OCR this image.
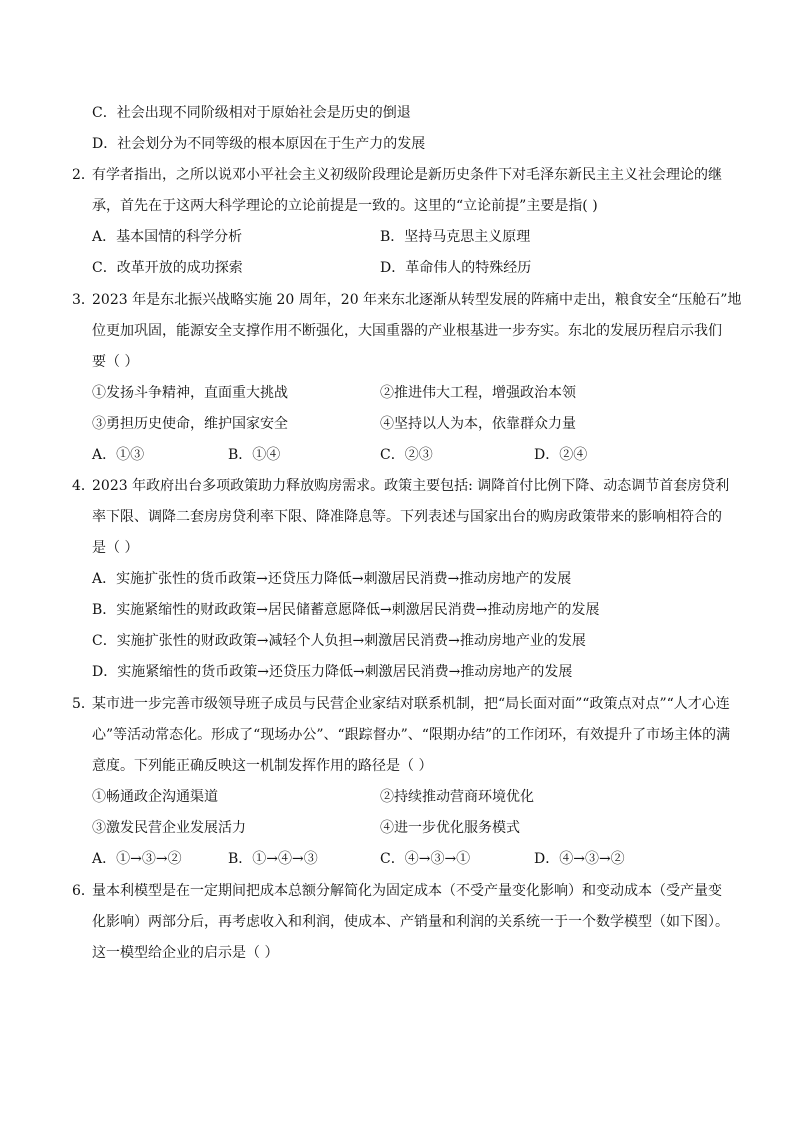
C．社会出现不同阶级相对于原始社会是历史的倒退
D．社会划分为不同等级的根本原因在于生产力的发展
2．
有学者指出，之所以说邓小平社会主义初级阶段理论是新历史条件下对毛泽东新民主主义社会理论的继
承，首先在于这两大科学理论的立论前提是一致的。这里的“立论前提”主要是指( )
A．基本国情的科学分析	B．坚持马克思主义原理
C．改革开放的成功探索	D．革命伟人的特殊经历
3．
2023 年是东北振兴战略实施 20 周年，20 年来东北逐渐从转型发展的阵痛中走出，粮食安全“压舱石”地
位更加巩固，能源安全支撑作用不断强化，大国重器的产业根基进一步夯实。东北的发展历程启示我们
要（ ）
①发扬斗争精神，直面重大挑战	②推进伟大工程，增强政治本领
③勇担历史使命，维护国家安全	④坚持以人为本，依靠群众力量
A．①③	B．①④	C．②③	D．②④
4．
2023 年政府出台多项政策助力释放购房需求。政策主要包括: 调降首付比例下降、动态调节首套房贷利
率下限、调降二套房房贷利率下限、降准降息等。下列表述与国家出台的购房政策带来的影响相符合的
是（ ）
A．实施扩张性的货币政策→还贷压力降低→刺激居民消费→推动房地产的发展
B．实施紧缩性的财政政策→居民储蓄意愿降低→刺激居民消费→推动房地产的发展
C．实施扩张性的财政政策→减轻个人负担→刺激居民消费→推动房地产业的发展
D．实施紧缩性的货币政策→还贷压力降低→刺激居民消费→推动房地产的发展
5．
某市进一步完善市级领导班子成员与民营企业家结对联系机制，把“局长面对面”“政策点对点”“人才心连
心”等活动常态化。形成了“现场办公”、“跟踪督办”、“限期办结”的工作闭环，有效提升了市场主体的满
意度。下列能正确反映这一机制发挥作用的路径是（ ）
①畅通政企沟通渠道	②持续推动营商环境优化
③激发民营企业发展活力	④进一步优化服务模式
A．①→③→②	B．①→④→③	C．④→③→①	D．④→③→②
6．
量本利模型是在一定期间把成本总额分解简化为固定成本（不受产量变化影响）和变动成本（受产量变
化影响）两部分后，再考虑收入和利润，使成本、产销量和利润的关系统一于一个数学模型（如下图）。
这一模型给企业的启示是（ ）
